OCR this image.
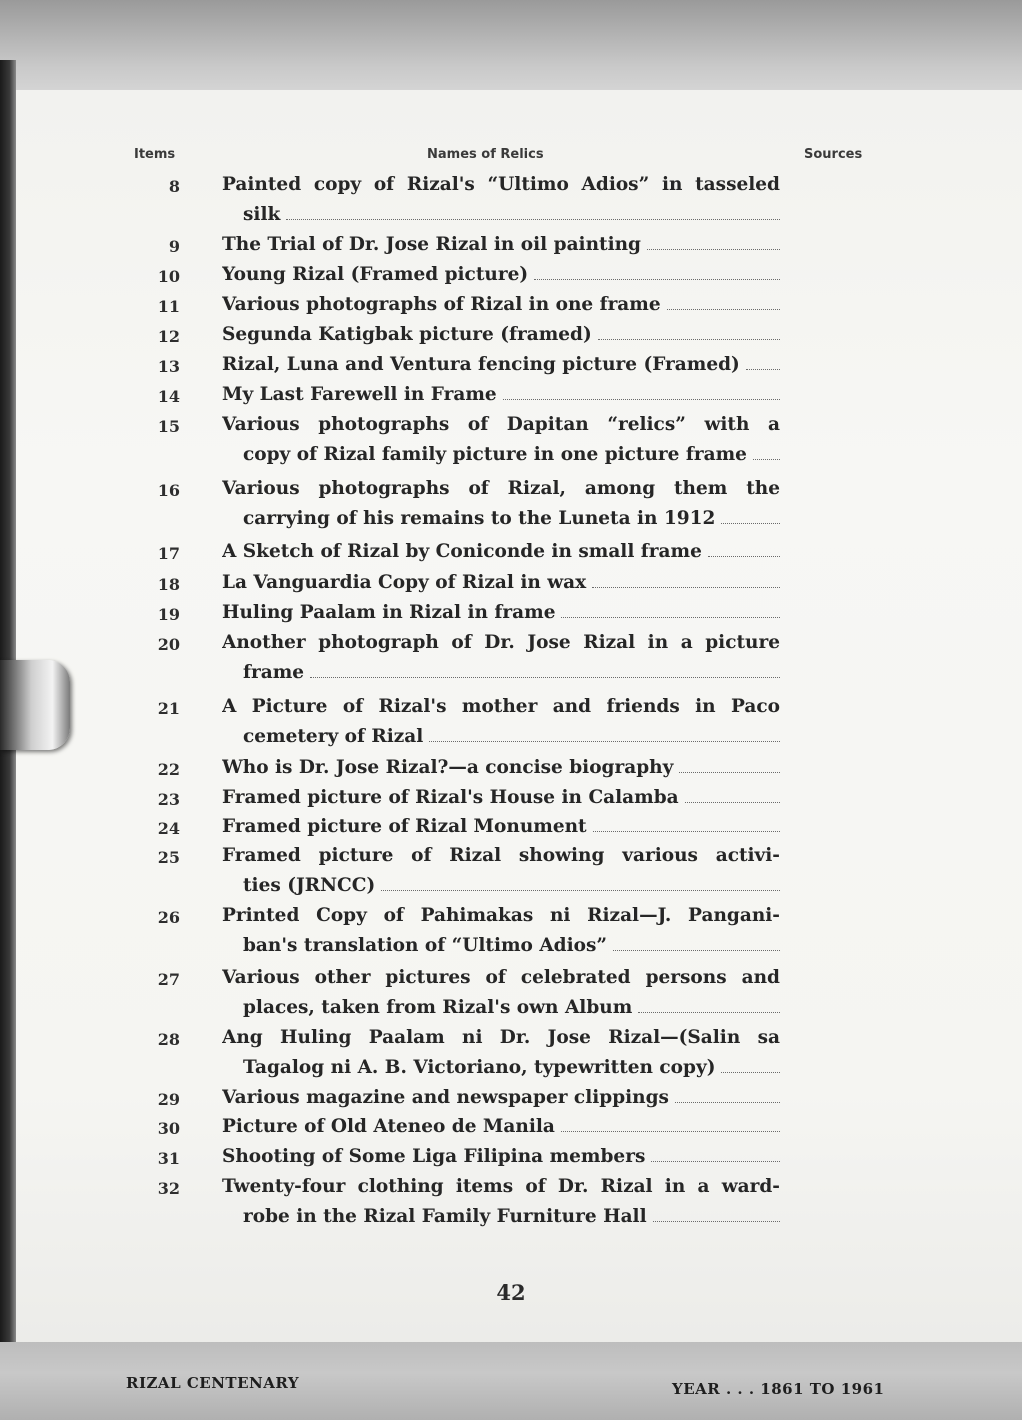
Items	Names of Relics	Sources
8 Painted copy of Rizal's “Ultimo Adios” in tasseled
silk
9 The Trial of Dr. Jose Rizal in oil painting
10 Young Rizal (Framed picture)
11 Various photographs of Rizal in one frame
12 Segunda Katigbak picture (framed)
13 Rizal, Luna and Ventura fencing picture (Framed)
14 My Last Farewell in Frame
15 Various photographs of Dapitan “relics” with a
copy of Rizal family picture in one picture frame
16 Various photographs of Rizal, among them the
carrying of his remains to the Luneta in 1912
17 A Sketch of Rizal by Coniconde in small frame
18 La Vanguardia Copy of Rizal in wax
19 Huling Paalam in Rizal in frame
20 Another photograph of Dr. Jose Rizal in a picture
frame
21 A Picture of Rizal's mother and friends in Paco
cemetery of Rizal
22 Who is Dr. Jose Rizal?—a concise biography
23 Framed picture of Rizal's House in Calamba
24 Framed picture of Rizal Monument
25 Framed picture of Rizal showing various activi-
ties (JRNCC)
26 Printed Copy of Pahimakas ni Rizal—J. Pangani-
ban's translation of “Ultimo Adios”
27 Various other pictures of celebrated persons and
places, taken from Rizal's own Album
28 Ang Huling Paalam ni Dr. Jose Rizal—(Salin sa
Tagalog ni A. B. Victoriano, typewritten copy)
29 Various magazine and newspaper clippings
30 Picture of Old Ateneo de Manila
31 Shooting of Some Liga Filipina members
32 Twenty-four clothing items of Dr. Rizal in a ward-
robe in the Rizal Family Furniture Hall
42
RIZAL CENTENARY	YEAR . . . 1861 TO 1961
